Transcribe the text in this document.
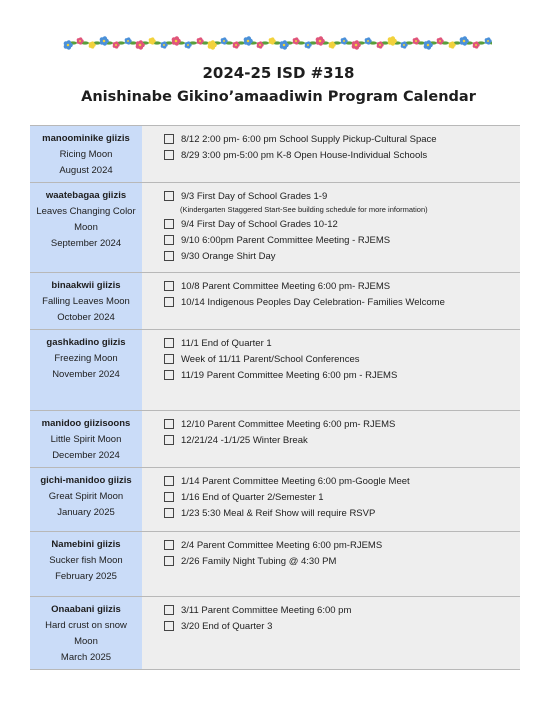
2024-25 ISD #318
Anishinabe Gikino’amaadiwin Program Calendar
manoominike giizis
Ricing Moon
August 2024
8/12 2:00 pm- 6:00 pm School Supply Pickup-Cultural Space
8/29 3:00 pm-5:00 pm K-8 Open House-Individual Schools
waatebagaa giizis
Leaves Changing Color
Moon
September 2024
9/3 First Day of School Grades 1-9
(Kindergarten Staggered Start-See building schedule for more information)
9/4 First Day of School Grades 10-12
9/10 6:00pm Parent Committee Meeting - RJEMS
9/30 Orange Shirt Day
binaakwii giizis
Falling Leaves Moon
October 2024
10/8 Parent Committee Meeting 6:00 pm- RJEMS
10/14 Indigenous Peoples Day Celebration- Families Welcome
gashkadino giizis
Freezing Moon
November 2024
11/1 End of Quarter 1
Week of 11/11 Parent/School Conferences
11/19 Parent Committee Meeting 6:00 pm - RJEMS
manidoo giizisoons
Little Spirit Moon
December 2024
12/10 Parent Committee Meeting 6:00 pm- RJEMS
12/21/24 -1/1/25 Winter Break
gichi-manidoo giizis
Great Spirit Moon
January 2025
1/14 Parent Committee Meeting 6:00 pm-Google Meet
1/16 End of Quarter 2/Semester 1
1/23 5:30 Meal & Reif Show will require RSVP
Namebini giizis
Sucker fish Moon
February 2025
2/4 Parent Committee Meeting 6:00 pm-RJEMS
2/26 Family Night Tubing @ 4:30 PM
Onaabani giizis
Hard crust on snow
Moon
March 2025
3/11 Parent Committee Meeting 6:00 pm
3/20 End of Quarter 3
